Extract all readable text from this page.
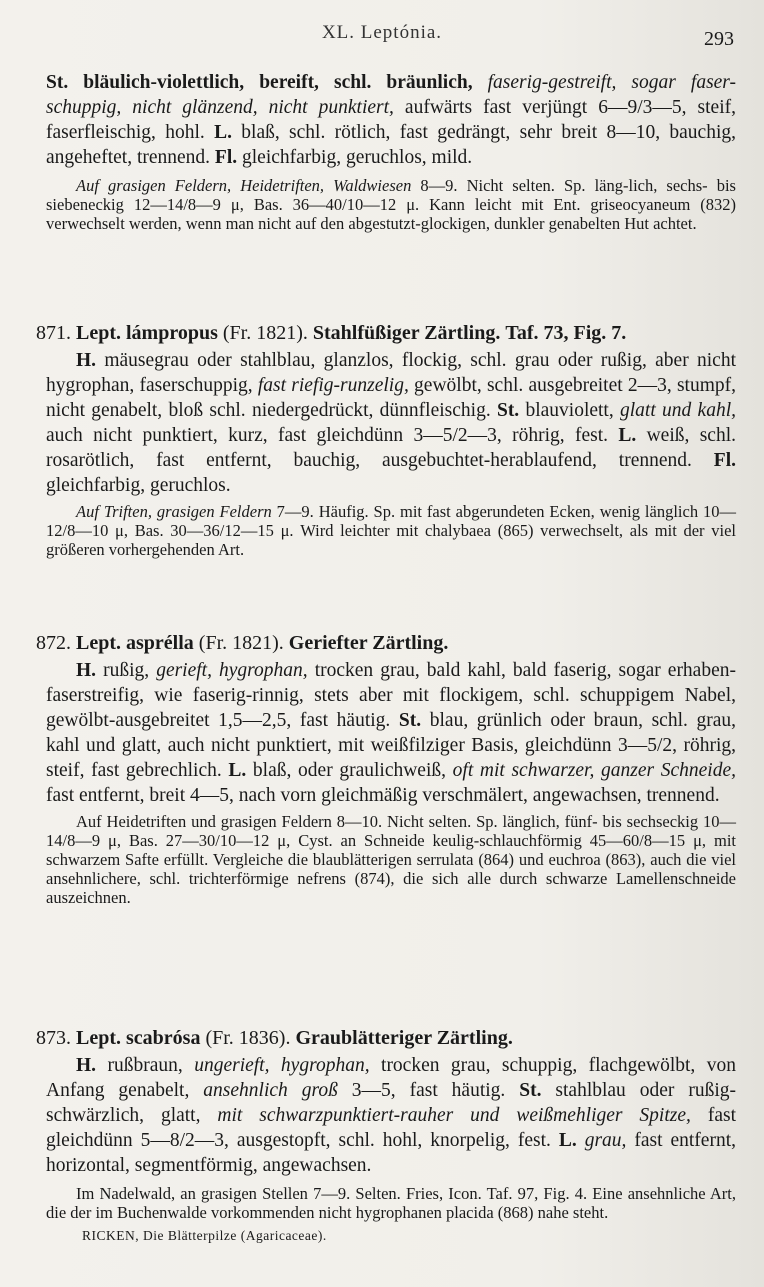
XL. Leptónia.	293

St. bläulich-violettlich, bereift, schl. bräunlich, faserig-gestreift, sogar faser-schuppig, nicht glänzend, nicht punktiert, aufwärts fast verjüngt 6—9/3—5, steif, faserfleischig, hohl. L. blaß, schl. rötlich, fast gedrängt, sehr breit 8—10, bauchig, angeheftet, trennend. Fl. gleichfarbig, geruchlos, mild.

Auf grasigen Feldern, Heidetriften, Waldwiesen 8—9. Nicht selten. Sp. läng-lich, sechs- bis siebeneckig 12—14/8—9 μ, Bas. 36—40/10—12 μ. Kann leicht mit Ent. griseocyaneum (832) verwechselt werden, wenn man nicht auf den abgestutzt-glockigen, dunkler genabelten Hut achtet.

871. Lept. lámpropus (Fr. 1821). Stahlfüßiger Zärtling. Taf. 73, Fig. 7.

H. mäusegrau oder stahlblau, glanzlos, flockig, schl. grau oder rußig, aber nicht hygrophan, faserschuppig, fast riefig-runzelig, gewölbt, schl. ausgebreitet 2—3, stumpf, nicht genabelt, bloß schl. niedergedrückt, dünnfleischig. St. blauviolett, glatt und kahl, auch nicht punktiert, kurz, fast gleichdünn 3—5/2—3, röhrig, fest. L. weiß, schl. rosarötlich, fast entfernt, bauchig, ausgebuchtet-herablaufend, trennend. Fl. gleichfarbig, geruchlos.

Auf Triften, grasigen Feldern 7—9. Häufig. Sp. mit fast abgerundeten Ecken, wenig länglich 10—12/8—10 μ, Bas. 30—36/12—15 μ. Wird leichter mit chalybaea (865) verwechselt, als mit der viel größeren vorhergehenden Art.

872. Lept. asprélla (Fr. 1821). Geriefter Zärtling.

H. rußig, gerieft, hygrophan, trocken grau, bald kahl, bald faserig, sogar erhaben-faserstreifig, wie faserig-rinnig, stets aber mit flockigem, schl. schuppigem Nabel, gewölbt-ausgebreitet 1,5—2,5, fast häutig. St. blau, grünlich oder braun, schl. grau, kahl und glatt, auch nicht punktiert, mit weißfilziger Basis, gleichdünn 3—5/2, röhrig, steif, fast gebrechlich. L. blaß, oder graulichweiß, oft mit schwarzer, ganzer Schneide, fast entfernt, breit 4—5, nach vorn gleichmäßig verschmälert, angewachsen, trennend.

Auf Heidetriften und grasigen Feldern 8—10. Nicht selten. Sp. länglich, fünf- bis sechseckig 10—14/8—9 μ, Bas. 27—30/10—12 μ, Cyst. an Schneide keulig-schlauchförmig 45—60/8—15 μ, mit schwarzem Safte erfüllt. Vergleiche die blaublätterigen serrulata (864) und euchroa (863), auch die viel ansehnlichere, schl. trichterförmige nefrens (874), die sich alle durch schwarze Lamellenschneide auszeichnen.

873. Lept. scabrósa (Fr. 1836). Graublätteriger Zärtling.

H. rußbraun, ungerieft, hygrophan, trocken grau, schuppig, flachgewölbt, von Anfang genabelt, ansehnlich groß 3—5, fast häutig. St. stahlblau oder rußig-schwärzlich, glatt, mit schwarzpunktiert-rauher und weißmehliger Spitze, fast gleichdünn 5—8/2—3, ausgestopft, schl. hohl, knorpelig, fest. L. grau, fast entfernt, horizontal, segmentförmig, angewachsen.

Im Nadelwald, an grasigen Stellen 7—9. Selten. Fries, Icon. Taf. 97, Fig. 4. Eine ansehnliche Art, die der im Buchenwalde vorkommenden nicht hygrophanen placida (868) nahe steht.

RICKEN, Die Blätterpilze (Agaricaceae).
